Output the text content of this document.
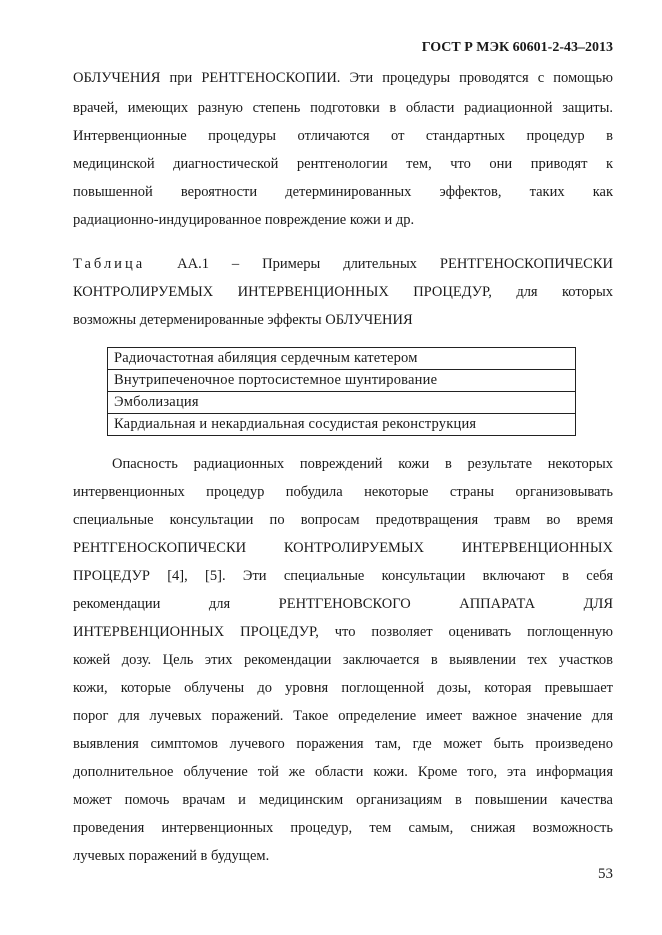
ГОСТ Р МЭК 60601-2-43–2013
ОБЛУЧЕНИЯ при РЕНТГЕНОСКОПИИ. Эти процедуры проводятся с помощью
врачей, имеющих разную степень подготовки в области радиационной защиты.
Интервенционные процедуры отличаются от стандартных процедур в
медицинской диагностической рентгенологии тем, что они приводят к
повышенной вероятности детерминированных эффектов, таких как
радиационно-индуцированное повреждение кожи и др.
Таблица АА.1 – Примеры длительных РЕНТГЕНОСКОПИЧЕСКИ
КОНТРОЛИРУЕМЫХ ИНТЕРВЕНЦИОННЫХ ПРОЦЕДУР, для которых
возможны детерменированные эффекты ОБЛУЧЕНИЯ
Радиочастотная абиляция сердечным катетером
Внутрипеченочное портосистемное шунтирование
Эмболизация
Кардиальная и некардиальная сосудистая реконструкция
Опасность радиационных повреждений кожи в результате некоторых
интервенционных процедур побудила некоторые страны организовывать
специальные консультации по вопросам предотвращения травм во время
РЕНТГЕНОСКОПИЧЕСКИ КОНТРОЛИРУЕМЫХ ИНТЕРВЕНЦИОННЫХ
ПРОЦЕДУР [4], [5]. Эти специальные консультации включают в себя
рекомендации для РЕНТГЕНОВСКОГО АППАРАТА ДЛЯ
ИНТЕРВЕНЦИОННЫХ ПРОЦЕДУР, что позволяет оценивать поглощенную
кожей дозу. Цель этих рекомендации заключается в выявлении тех участков
кожи, которые облучены до уровня поглощенной дозы, которая превышает
порог для лучевых поражений. Такое определение имеет важное значение для
выявления симптомов лучевого поражения там, где может быть произведено
дополнительное облучение той же области кожи. Кроме того, эта информация
может помочь врачам и медицинским организациям в повышении качества
проведения интервенционных процедур, тем самым, снижая возможность
лучевых поражений в будущем.
53
